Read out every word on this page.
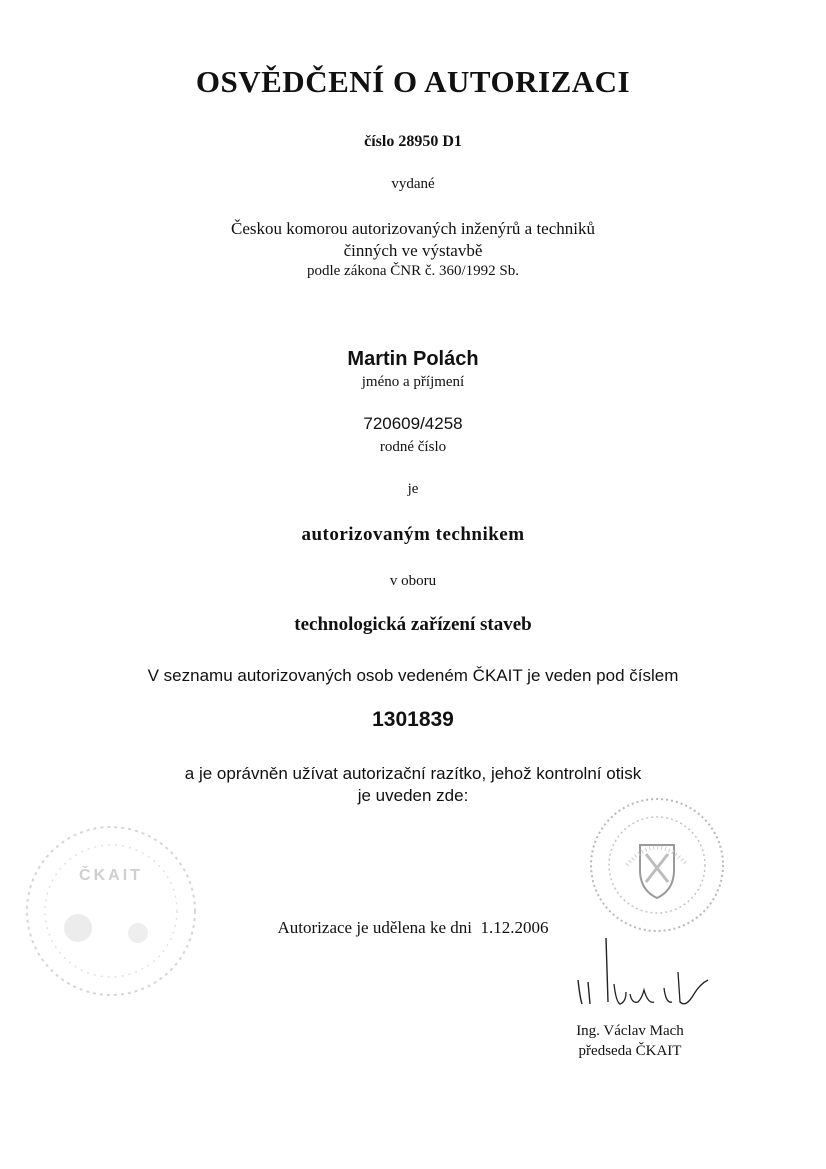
OSVĚDČENÍ O AUTORIZACI
číslo 28950 D1
vydané
Českou komorou autorizovaných inženýrů a techniků
činných ve výstavbě
podle zákona ČNR č. 360/1992 Sb.
Martin Polách
jméno a příjmení
720609/4258
rodné číslo
je
autorizovaným technikem
v oboru
technologická zařízení staveb
V seznamu autorizovaných osob vedeném ČKAIT je veden pod číslem
1301839
a je oprávněn užívat autorizační razítko, jehož kontrolní otisk
je uveden zde:
ČKAIT
Autorizace je udělena ke dni 1.12.2006
Ing. Václav Mach
předseda ČKAIT
